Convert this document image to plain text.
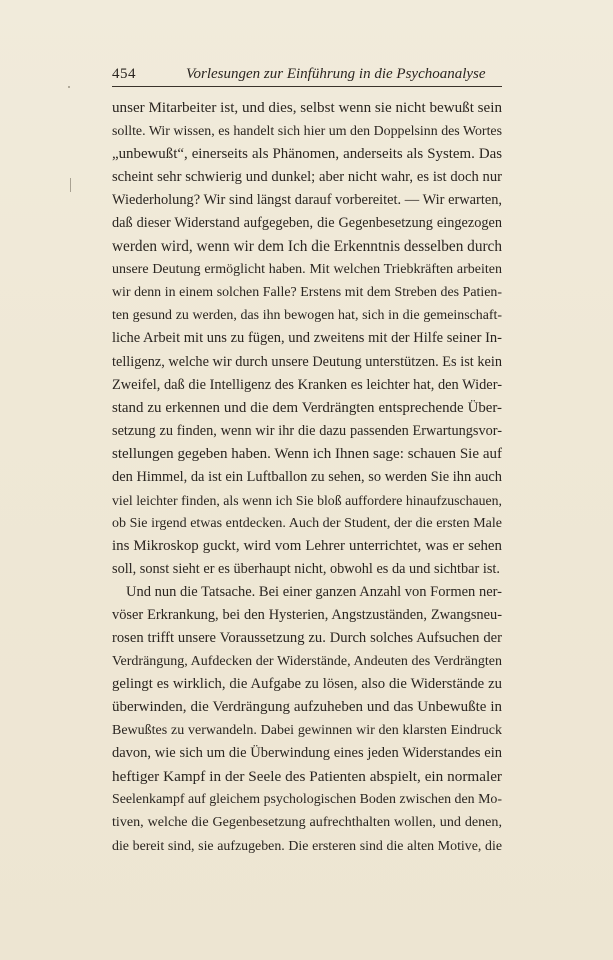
454	Vorlesungen zur Einführung in die Psychoanalyse
unser Mitarbeiter ist, und dies, selbst wenn sie nicht bewußt sein
sollte. Wir wissen, es handelt sich hier um den Doppelsinn des Wortes
„unbewußt“, einerseits als Phänomen, anderseits als System. Das
scheint sehr schwierig und dunkel; aber nicht wahr, es ist doch nur
Wiederholung? Wir sind längst darauf vorbereitet. — Wir erwarten,
daß dieser Widerstand aufgegeben, die Gegenbesetzung eingezogen
werden wird, wenn wir dem Ich die Erkenntnis desselben durch
unsere Deutung ermöglicht haben. Mit welchen Triebkräften arbeiten
wir denn in einem solchen Falle? Erstens mit dem Streben des Patien-
ten gesund zu werden, das ihn bewogen hat, sich in die gemeinschaft-
liche Arbeit mit uns zu fügen, und zweitens mit der Hilfe seiner In-
telligenz, welche wir durch unsere Deutung unterstützen. Es ist kein
Zweifel, daß die Intelligenz des Kranken es leichter hat, den Wider-
stand zu erkennen und die dem Verdrängten entsprechende Über-
setzung zu finden, wenn wir ihr die dazu passenden Erwartungsvor-
stellungen gegeben haben. Wenn ich Ihnen sage: schauen Sie auf
den Himmel, da ist ein Luftballon zu sehen, so werden Sie ihn auch
viel leichter finden, als wenn ich Sie bloß auffordere hinaufzuschauen,
ob Sie irgend etwas entdecken. Auch der Student, der die ersten Male
ins Mikroskop guckt, wird vom Lehrer unterrichtet, was er sehen
soll, sonst sieht er es überhaupt nicht, obwohl es da und sichtbar ist.
Und nun die Tatsache. Bei einer ganzen Anzahl von Formen ner-
vöser Erkrankung, bei den Hysterien, Angstzuständen, Zwangsneu-
rosen trifft unsere Voraussetzung zu. Durch solches Aufsuchen der
Verdrängung, Aufdecken der Widerstände, Andeuten des Verdrängten
gelingt es wirklich, die Aufgabe zu lösen, also die Widerstände zu
überwinden, die Verdrängung aufzuheben und das Unbewußte in
Bewußtes zu verwandeln. Dabei gewinnen wir den klarsten Eindruck
davon, wie sich um die Überwindung eines jeden Widerstandes ein
heftiger Kampf in der Seele des Patienten abspielt, ein normaler
Seelenkampf auf gleichem psychologischen Boden zwischen den Mo-
tiven, welche die Gegenbesetzung aufrechthalten wollen, und denen,
die bereit sind, sie aufzugeben. Die ersteren sind die alten Motive, die
